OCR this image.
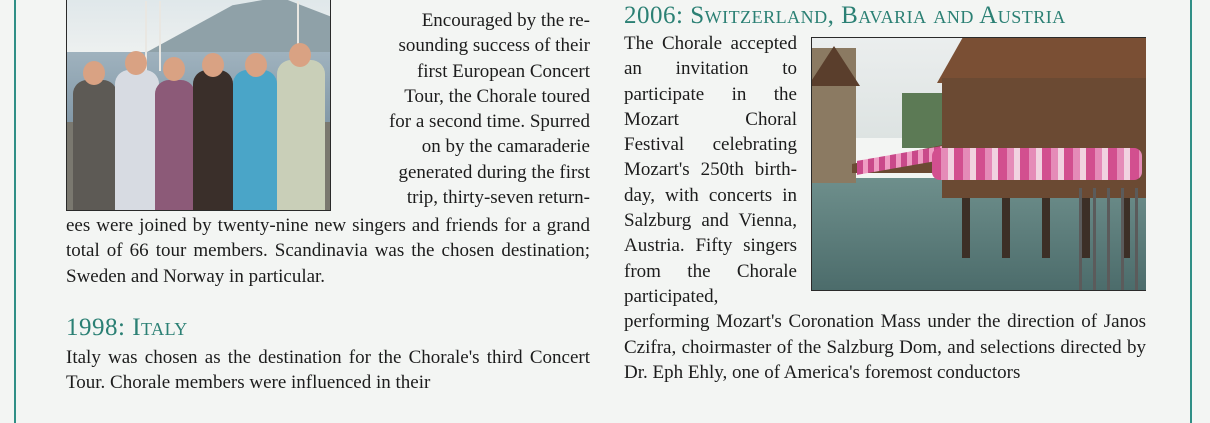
Encouraged by the re-
sounding success of their
first European Concert
Tour, the Chorale toured
for a second time. Spurred
on by the camaraderie
generated during the first
trip, thirty-seven return-

ees were joined by twenty-nine new singers and friends for a grand total of 66 tour members. Scandinavia was the chosen destination; Sweden and Norway in particular.

1998: Italy

Italy was chosen as the destination for the Chorale's third Concert Tour. Chorale members were influenced in their

2006: Switzerland, Bavaria and Austria

The Chorale accepted an invitation to participate in the Mozart Choral Festival celebrating Mozart's 250th birth-day, with concerts in Salzburg and Vienna, Austria. Fifty singers from the Chorale participated, performing Mozart's Coronation Mass under the direction of Janos Czifra, choirmaster of the Salzburg Dom, and selections directed by Dr. Eph Ehly, one of America's foremost conductors
